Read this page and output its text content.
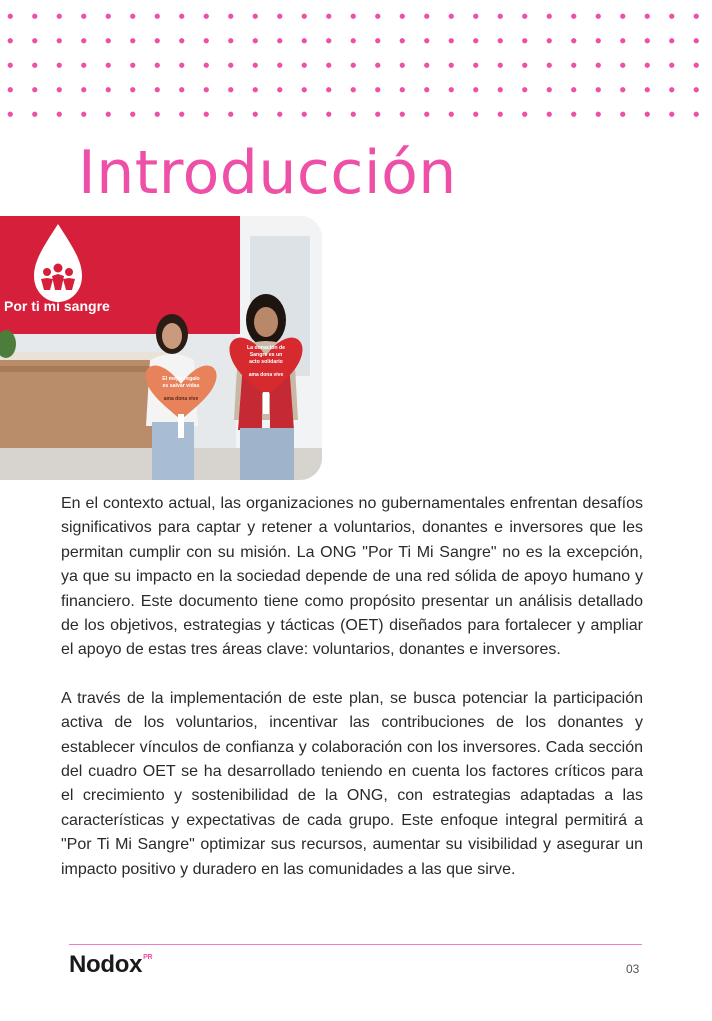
Introducción
Por ti mi sangre
El mejor regalo
es salvar vidas
ama dona vive
La donación de
Sangre es un
acto solidario
ama dona vive

En el contexto actual, las organizaciones no gubernamentales enfrentan desafíos significativos para captar y retener a voluntarios, donantes e inversores que les permitan cumplir con su misión. La ONG "Por Ti Mi Sangre" no es la excepción, ya que su impacto en la sociedad depende de una red sólida de apoyo humano y financiero. Este documento tiene como propósito presentar un análisis detallado de los objetivos, estrategias y tácticas (OET) diseñados para fortalecer y ampliar el apoyo de estas tres áreas clave: voluntarios, donantes e inversores.

A través de la implementación de este plan, se busca potenciar la participación activa de los voluntarios, incentivar las contribuciones de los donantes y establecer vínculos de confianza y colaboración con los inversores. Cada sección del cuadro OET se ha desarrollado teniendo en cuenta los factores críticos para el crecimiento y sostenibilidad de la ONG, con estrategias adaptadas a las características y expectativas de cada grupo. Este enfoque integral permitirá a "Por Ti Mi Sangre" optimizar sus recursos, aumentar su visibilidad y asegurar un impacto positivo y duradero en las comunidades a las que sirve.

Nodox$^{PR}$
03
